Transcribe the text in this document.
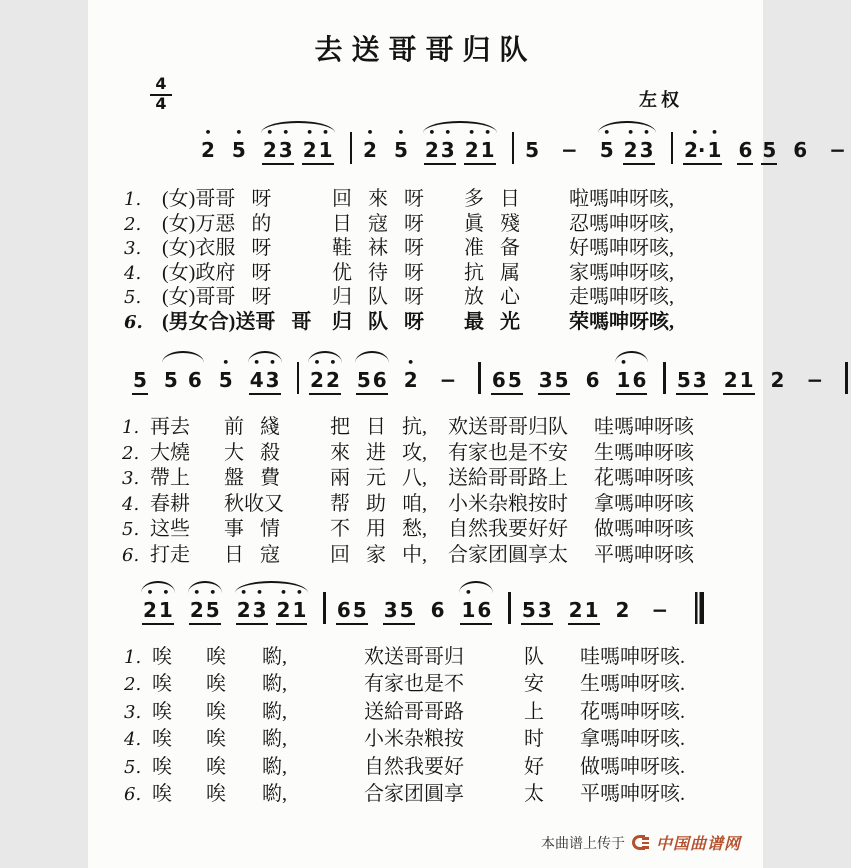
去送哥哥归队
$\frac{4}{4}$	左权
•
2
•
5
•
2
•
3
•
2
•
1
•
2
•
5
•
2
•
3
•
2
•
1 5 −
•
5
•
2
•
3
•
2·
•
1 6 5 6 −
1.	(女)哥哥 呀	回 來 呀	多 日	啦嗎呻呀咳,
2.	(女)万惡 的	日 寇 呀	眞 殘	忍嗎呻呀咳,
3.	(女)衣服 呀	鞋 袜 呀	准 备	好嗎呻呀咳,
4.	(女)政府 呀	优 待 呀	抗 属	家嗎呻呀咳,
5.	(女)哥哥 呀	归 队 呀	放 心	走嗎呻呀咳,
6. (男女合)送哥 哥	归 队 呀	最 光	荣嗎呻呀咳,
5 5 6
•
5
•
4
•
3
•
2
•
2 5 6
•
2 − 6 5 3 5 6
•
1 6 5 3 2 1 2 −
1. 再去	前 綫	把 日 抗,	欢送哥哥归队	哇嗎呻呀咳
2. 大燒	大 殺	來 进 攻,	有家也是不安	生嗎呻呀咳
3. 帶上	盤 費	兩 元 八,	送給哥哥路上	花嗎呻呀咳
4. 春耕	秋收又	帮 助 咱,	小米杂粮按时	拿嗎呻呀咳
5. 这些	事 情	不 用 愁,	自然我要好好	做嗎呻呀咳
6. 打走	日 寇	回 家 中,	合家团圓享太	平嗎呻呀咳
•
2
•
1
•
2
•
5
•
2
•
3
•
2
•
1 6 5 3 5 6
•
1 6 5 3 2 1 2 −
1. 唉	唉	喲,	欢送哥哥归	队	哇嗎呻呀咳.
2. 唉	唉	喲,	有家也是不	安	生嗎呻呀咳.
3. 唉	唉	喲,	送給哥哥路	上	花嗎呻呀咳.
4. 唉	唉	喲,	小米杂粮按	时	拿嗎呻呀咳.
5. 唉	唉	喲,	自然我要好	好	做嗎呻呀咳.
6. 唉	唉	喲,	合家团圓享	太	平嗎呻呀咳.
本曲谱上传于 中国曲谱网
